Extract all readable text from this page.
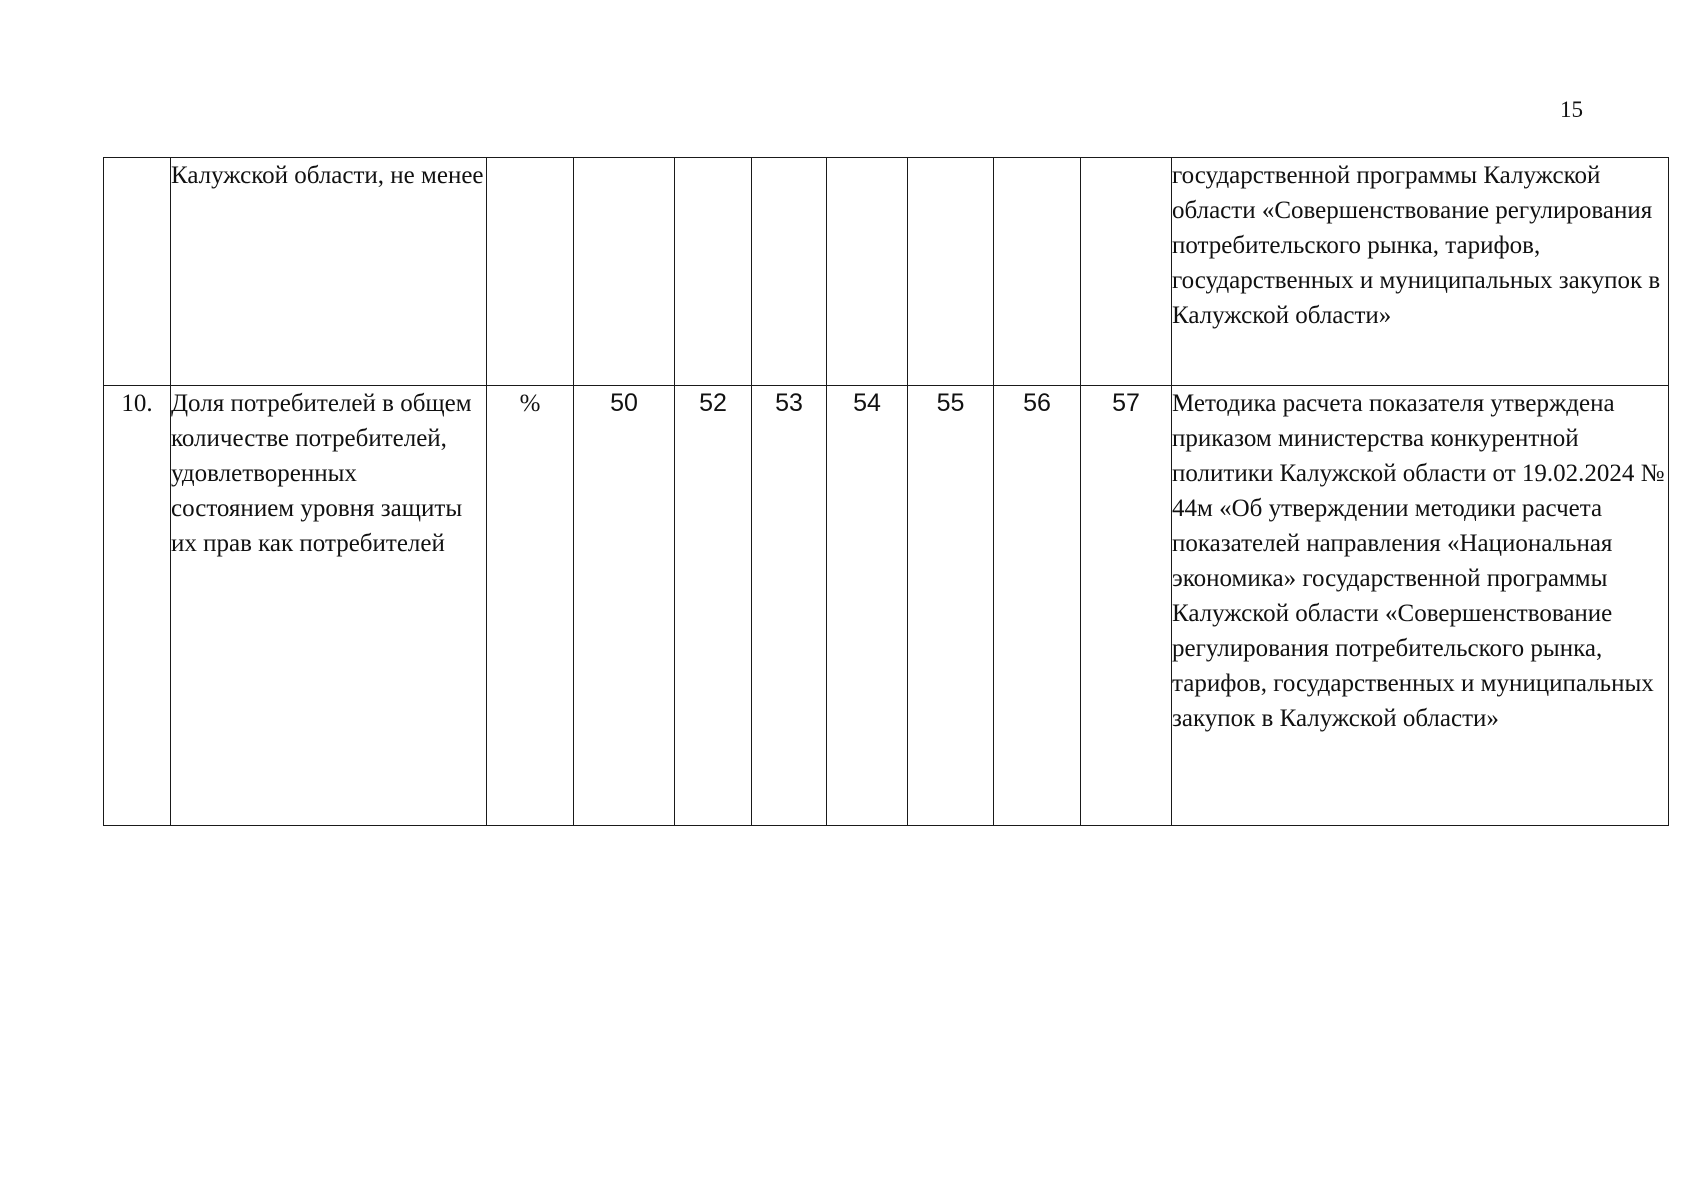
15
	Калужской области, не менее									государственной программы Калужской области «Совершенствование регулирования потребительского рынка, тарифов, государственных и муниципальных закупок в Калужской области»
10.	Доля потребителей в общем количестве потребителей, удовлетворенных состоянием уровня защиты их прав как потребителей	%	50	52	53	54	55	56	57	Методика расчета показателя утверждена приказом министерства конкурентной политики Калужской области от 19.02.2024 № 44м «Об утверждении методики расчета показателей направления «Национальная экономика» государственной программы Калужской области «Совершенствование регулирования потребительского рынка, тарифов, государственных и муниципальных закупок в Калужской области»
